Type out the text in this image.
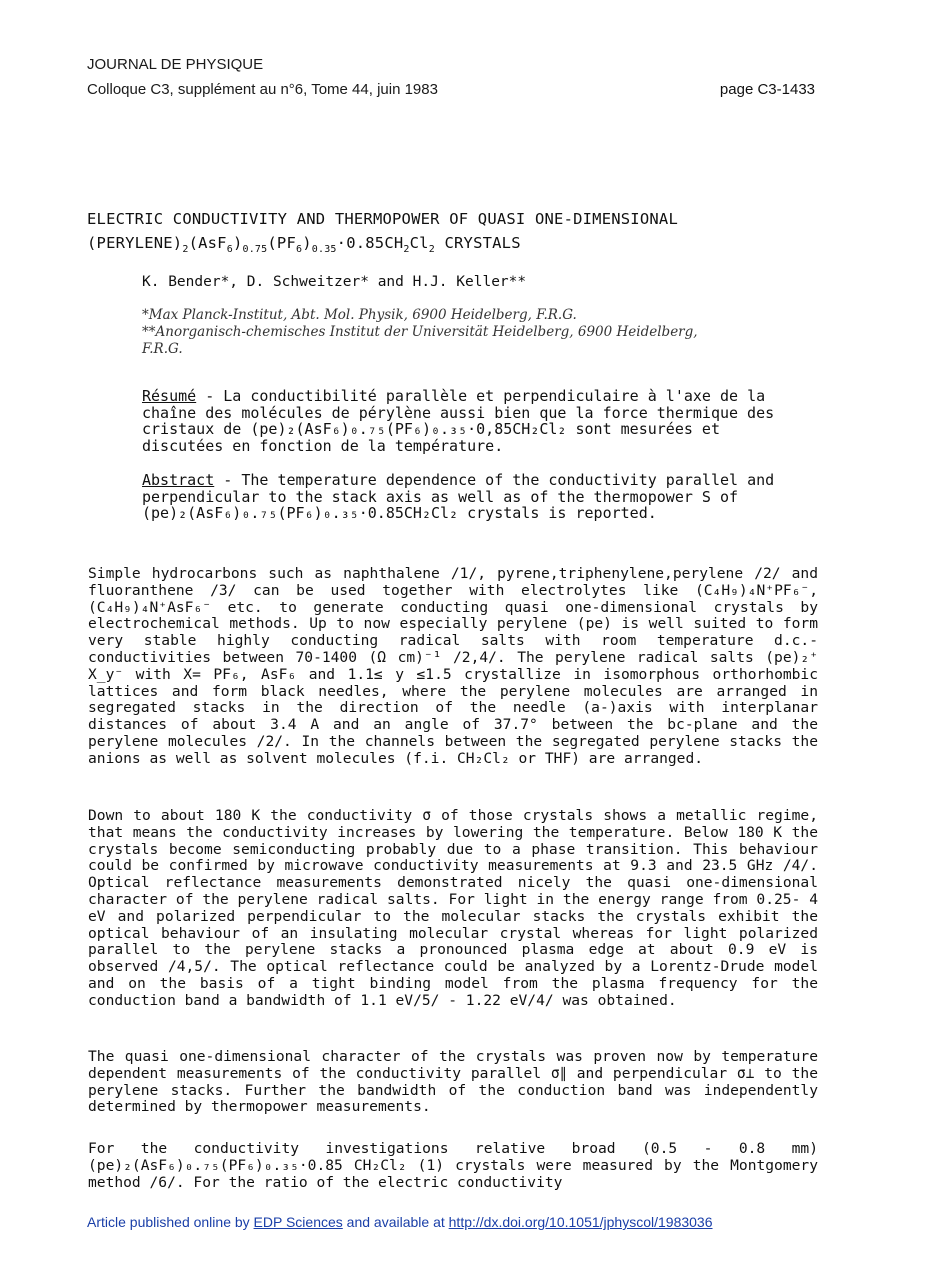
JOURNAL DE PHYSIQUE
Colloque C3, supplément au n°6, Tome 44, juin 1983	page C3-1433
ELECTRIC CONDUCTIVITY AND THERMOPOWER OF QUASI ONE-DIMENSIONAL
$(PERYLENE)_2(AsF_6)_{0.75}(PF_6)_{0.35}\cdot 0.85CH_2Cl_2$ CRYSTALS
K. Bender*, D. Schweitzer* and H.J. Keller**
*Max Planck-Institut, Abt. Mol. Physik, 6900 Heidelberg, F.R.G.
**Anorganisch-chemisches Institut der Universität Heidelberg, 6900 Heidelberg,
F.R.G.
Résumé - La conductibilité parallèle et perpendiculaire à l'axe de la chaîne des molécules de pérylène aussi bien que la force thermique des cristaux de (pe)₂(AsF₆)₀.₇₅(PF₆)₀.₃₅·0,85CH₂Cl₂ sont mesurées et discutées en fonction de la température.
Abstract - The temperature dependence of the conductivity parallel and perpendicular to the stack axis as well as of the thermopower S of (pe)₂(AsF₆)₀.₇₅(PF₆)₀.₃₅·0.85CH₂Cl₂ crystals is reported.
Simple hydrocarbons such as naphthalene /1/, pyrene,triphenylene,perylene /2/ and fluoranthene /3/ can be used together with electrolytes like (C₄H₉)₄N⁺PF₆⁻, (C₄H₉)₄N⁺AsF₆⁻ etc. to generate conducting quasi one-dimensional crystals by electrochemical methods. Up to now especially perylene (pe) is well suited to form very stable highly conducting radical salts with room temperature d.c.-conductivities between 70-1400 (Ω cm)⁻¹ /2,4/. The perylene radical salts (pe)₂⁺ X_y⁻ with X= PF₆, AsF₆ and 1.1≤ y ≤1.5 crystallize in isomorphous orthorhombic lattices and form black needles, where the perylene molecules are arranged in segregated stacks in the direction of the needle (a-)axis with interplanar distances of about 3.4 A and an angle of 37.7° between the bc-plane and the perylene molecules /2/. In the channels between the segregated perylene stacks the anions as well as solvent molecules (f.i. CH₂Cl₂ or THF) are arranged.
Down to about 180 K the conductivity σ of those crystals shows a metallic regime, that means the conductivity increases by lowering the temperature. Below 180 K the crystals become semiconducting probably due to a phase transition. This behaviour could be confirmed by microwave conductivity measurements at 9.3 and 23.5 GHz /4/. Optical reflectance measurements demonstrated nicely the quasi one-dimensional character of the perylene radical salts. For light in the energy range from 0.25- 4 eV and polarized perpendicular to the molecular stacks the crystals exhibit the optical behaviour of an insulating molecular crystal whereas for light polarized parallel to the perylene stacks a pronounced plasma edge at about 0.9 eV is observed /4,5/. The optical reflectance could be analyzed by a Lorentz-Drude model and on the basis of a tight binding model from the plasma frequency for the conduction band a bandwidth of 1.1 eV/5/ - 1.22 eV/4/ was obtained.
The quasi one-dimensional character of the crystals was proven now by temperature dependent measurements of the conductivity parallel σ∥ and perpendicular σ⊥ to the perylene stacks. Further the bandwidth of the conduction band was independently determined by thermopower measurements.
For the conductivity investigations relative broad (0.5 - 0.8 mm) (pe)₂(AsF₆)₀.₇₅(PF₆)₀.₃₅·0.85 CH₂Cl₂ (1) crystals were measured by the Montgomery method /6/. For the ratio of the electric conductivity
Article published online by EDP Sciences and available at http://dx.doi.org/10.1051/jphyscol/1983036
